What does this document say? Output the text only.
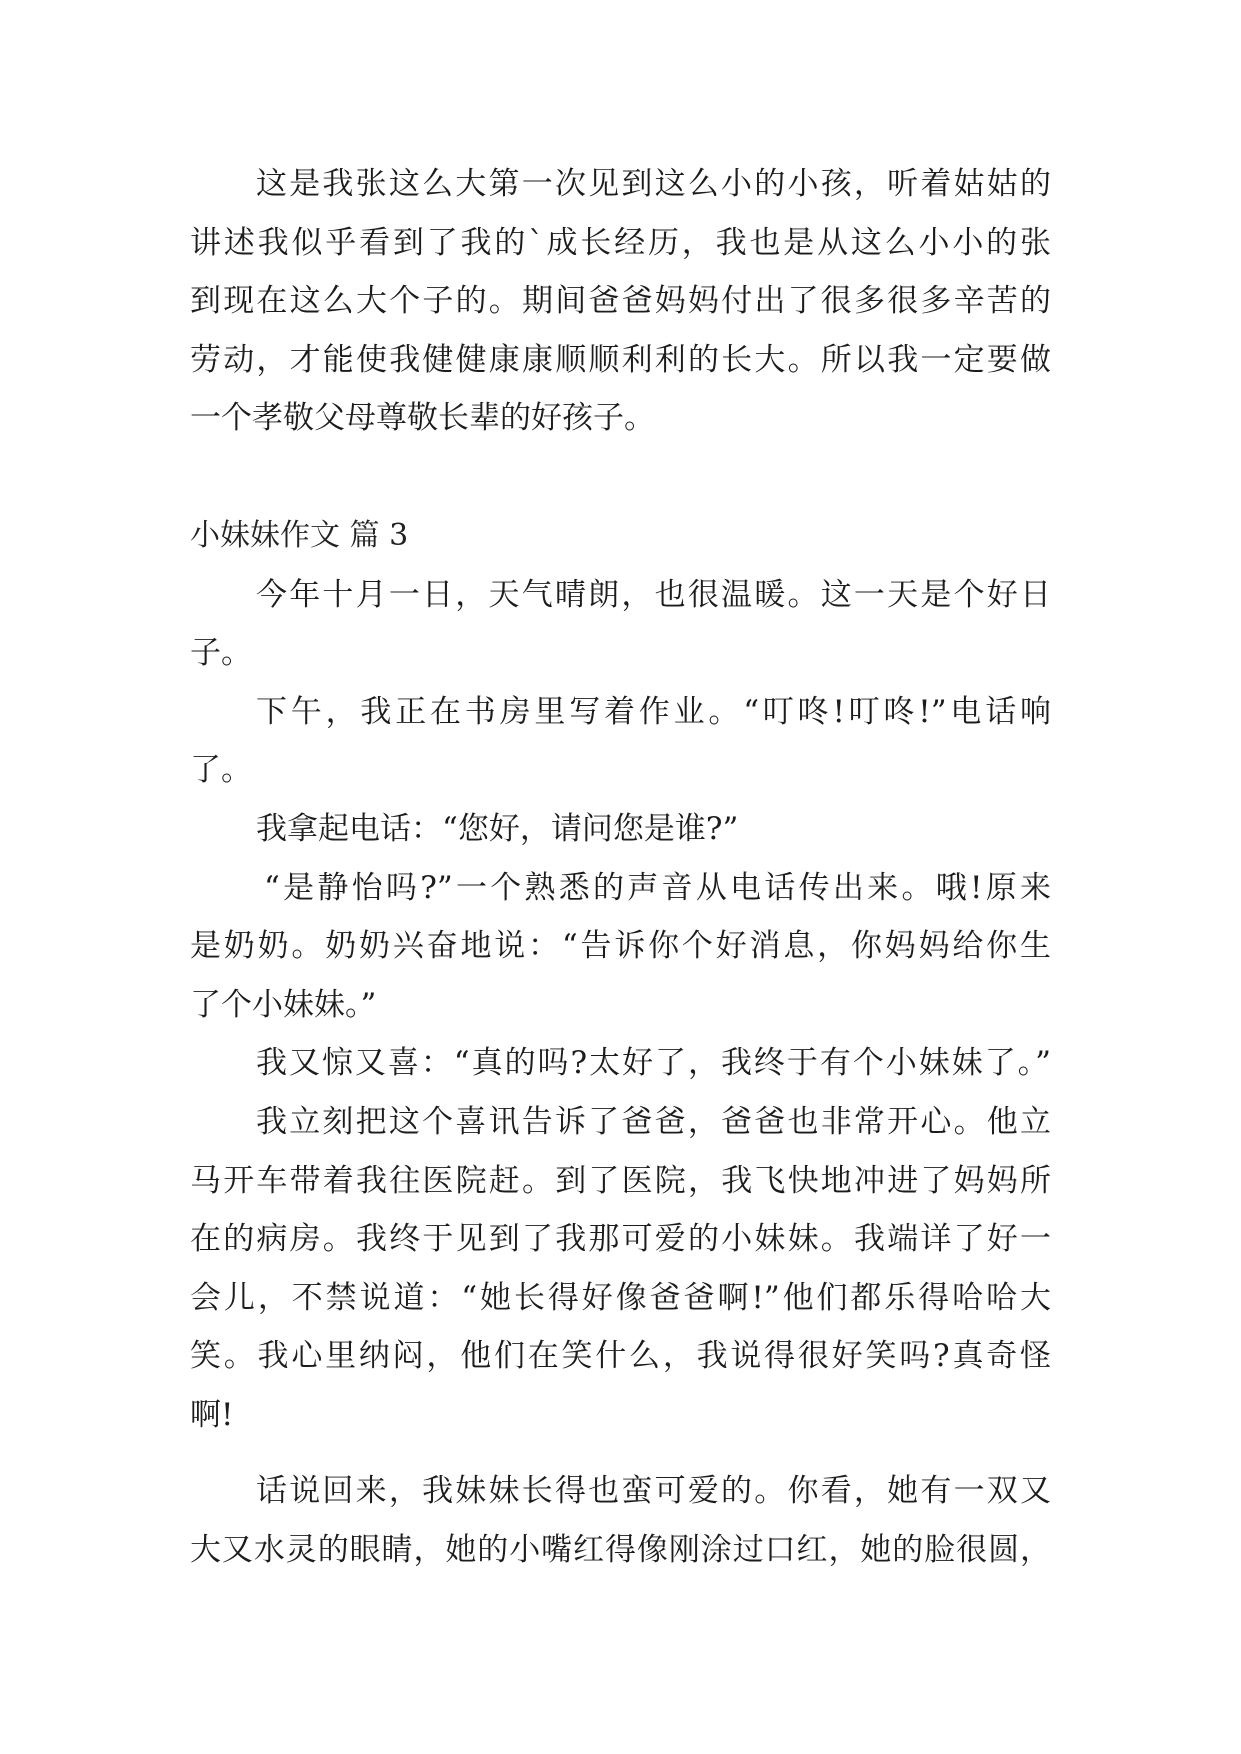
这是我张这么大第一次见到这么小的小孩，听着姑姑的
讲述我似乎看到了我的`成长经历，我也是从这么小小的张
到现在这么大个子的。期间爸爸妈妈付出了很多很多辛苦的
劳动，才能使我健健康康顺顺利利的长大。所以我一定要做
一个孝敬父母尊敬长辈的好孩子。
小妹妹作文 篇 3
今年十月一日，天气晴朗，也很温暖。这一天是个好日
子。
下午，我正在书房里写着作业。“叮咚!叮咚!”电话响
了。
我拿起电话：“您好，请问您是谁?”
“是静怡吗?”一个熟悉的声音从电话传出来。哦!原来
是奶奶。奶奶兴奋地说：“告诉你个好消息，你妈妈给你生
了个小妹妹。”
我又惊又喜：“真的吗?太好了，我终于有个小妹妹了。”
我立刻把这个喜讯告诉了爸爸，爸爸也非常开心。他立
马开车带着我往医院赶。到了医院，我飞快地冲进了妈妈所
在的病房。我终于见到了我那可爱的小妹妹。我端详了好一
会儿，不禁说道：“她长得好像爸爸啊!”他们都乐得哈哈大
笑。我心里纳闷，他们在笑什么，我说得很好笑吗?真奇怪
啊!
话说回来，我妹妹长得也蛮可爱的。你看，她有一双又
大又水灵的眼睛，她的小嘴红得像刚涂过口红，她的脸很圆，
